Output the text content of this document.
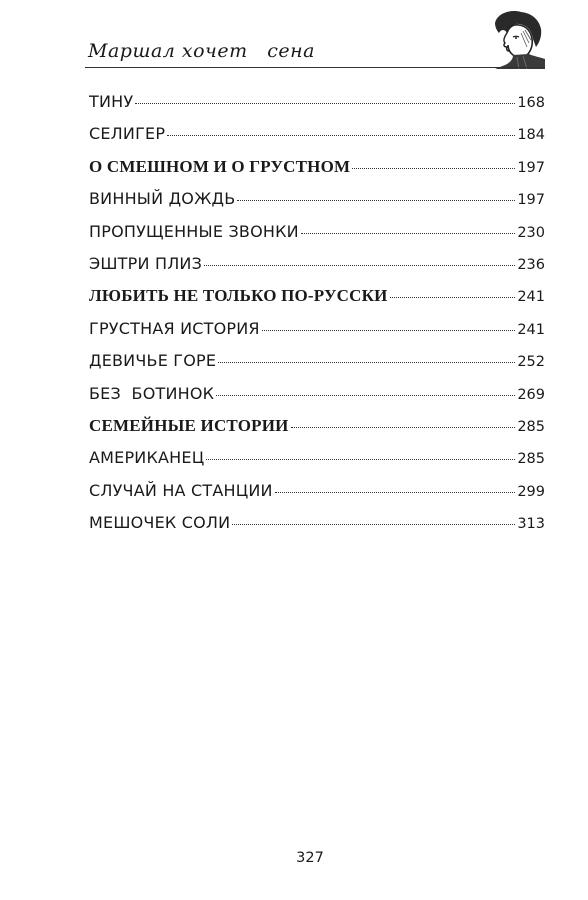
Маршал хочет   сена
ТИНУ	168
СЕЛИГЕР	184
О СМЕШНОМ И О ГРУСТНОМ	197
ВИННЫЙ ДОЖДЬ	197
ПРОПУЩЕННЫЕ ЗВОНКИ	230
ЭШТРИ ПЛИЗ	236
ЛЮБИТЬ НЕ ТОЛЬКО ПО-РУССКИ	241
ГРУСТНАЯ ИСТОРИЯ	241
ДЕВИЧЬЕ ГОРЕ	252
БЕЗ  БОТИНОК	269
СЕМЕЙНЫЕ ИСТОРИИ	285
АМЕРИКАНЕЦ	285
СЛУЧАЙ НА СТАНЦИИ	299
МЕШОЧЕК СОЛИ	313
327
